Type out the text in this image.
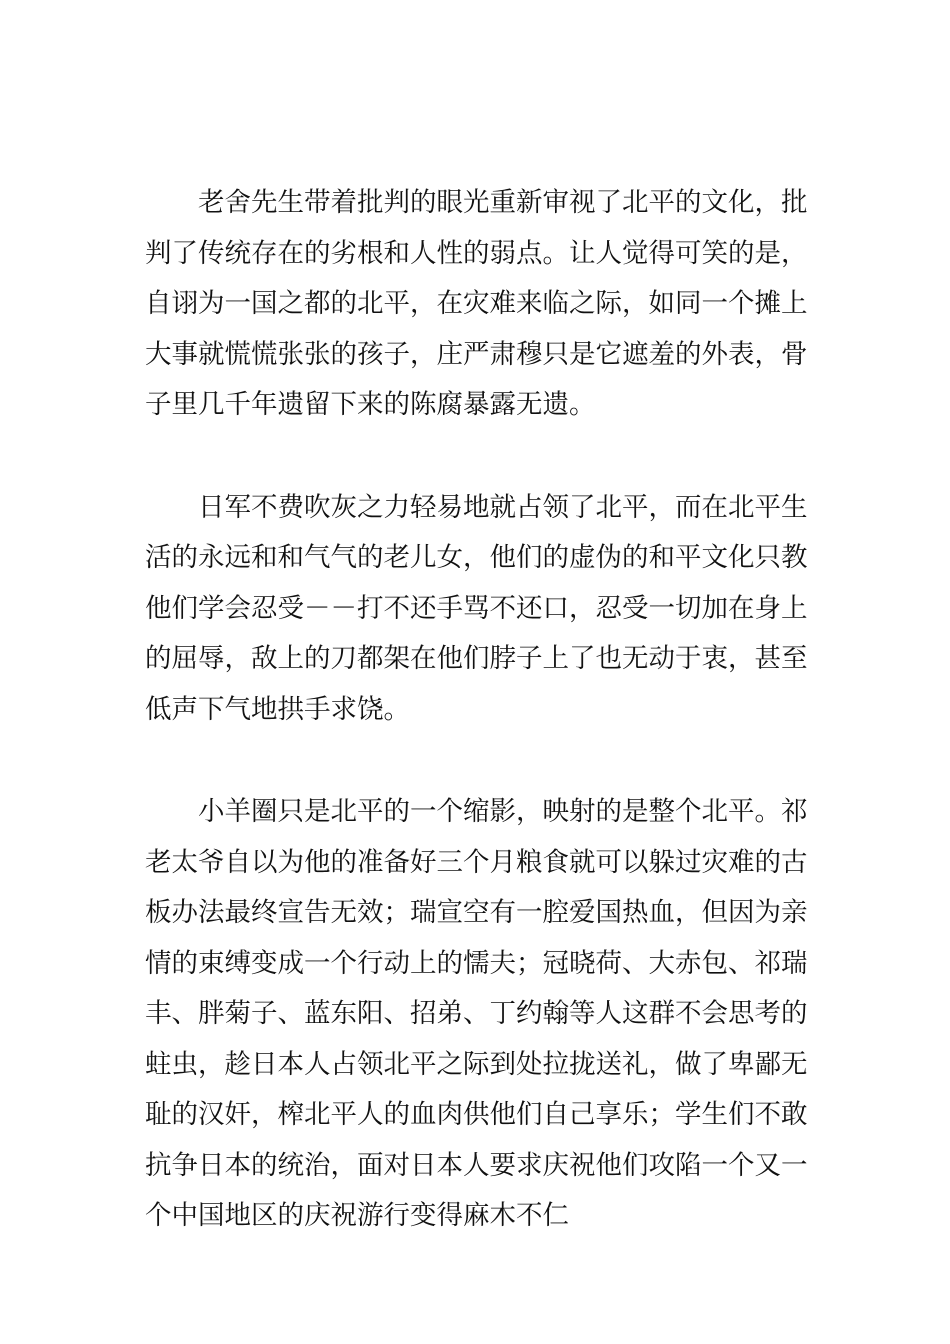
老舍先生带着批判的眼光重新审视了北平的文化，批
判了传统存在的劣根和人性的弱点。让人觉得可笑的是，
自诩为一国之都的北平，在灾难来临之际，如同一个摊上
大事就慌慌张张的孩子，庄严肃穆只是它遮羞的外表，骨
子里几千年遗留下来的陈腐暴露无遗。

日军不费吹灰之力轻易地就占领了北平，而在北平生
活的永远和和气气的老儿女，他们的虚伪的和平文化只教
他们学会忍受－－打不还手骂不还口，忍受一切加在身上
的屈辱，敌上的刀都架在他们脖子上了也无动于衷，甚至
低声下气地拱手求饶。

小羊圈只是北平的一个缩影，映射的是整个北平。祁
老太爷自以为他的准备好三个月粮食就可以躲过灾难的古
板办法最终宣告无效；瑞宣空有一腔爱国热血，但因为亲
情的束缚变成一个行动上的懦夫；冠晓荷、大赤包、祁瑞
丰、胖菊子、蓝东阳、招弟、丁约翰等人这群不会思考的
蛀虫，趁日本人占领北平之际到处拉拢送礼，做了卑鄙无
耻的汉奸，榨北平人的血肉供他们自己享乐；学生们不敢
抗争日本的统治，面对日本人要求庆祝他们攻陷一个又一
个中国地区的庆祝游行变得麻木不仁
